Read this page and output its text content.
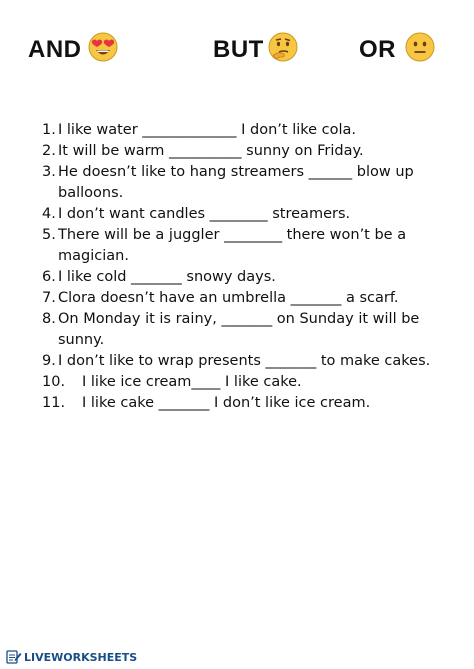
AND	BUT	OR
1. I like water _____________ I don’t like cola.
2. It will be warm __________ sunny on Friday.
3. He doesn’t like to hang streamers ______ blow up balloons.
4. I don’t want candles ________ streamers.
5. There will be a juggler ________ there won’t be a magician.
6. I like cold _______ snowy days.
7. Clora doesn’t have an umbrella _______ a scarf.
8. On Monday it is rainy, _______ on Sunday it will be sunny.
9. I don’t like to wrap presents _______ to make cakes.
10.	I like ice cream____ I like cake.
11.	I like cake _______ I don’t like ice cream.
LIVEWORKSHEETS
